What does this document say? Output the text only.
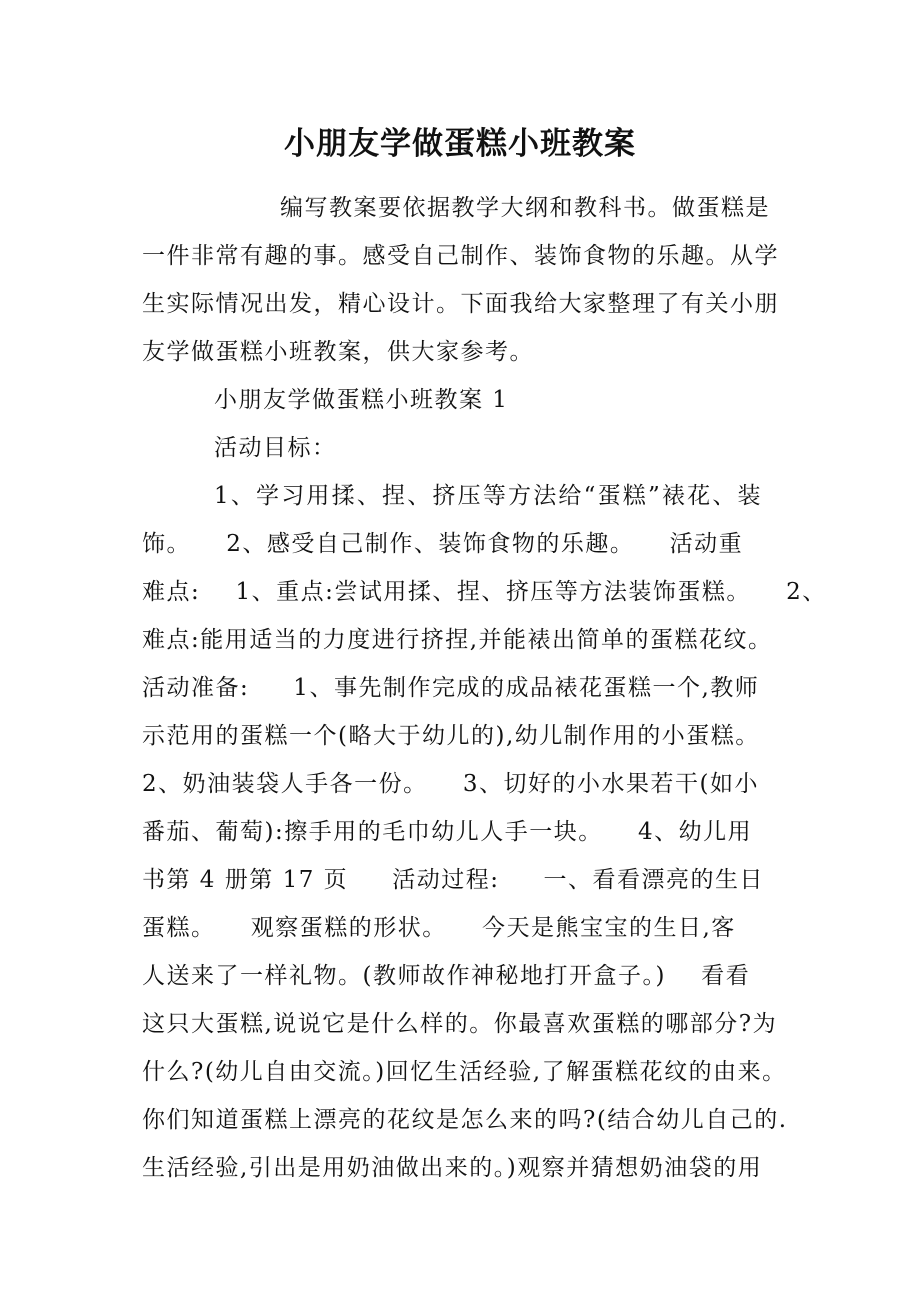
小朋友学做蛋糕小班教案
编写教案要依据教学大纲和教科书。做蛋糕是
一件非常有趣的事。感受自己制作、装饰食物的乐趣。从学
生实际情况出发，精心设计。下面我给大家整理了有关小朋
友学做蛋糕小班教案，供大家参考。
小朋友学做蛋糕小班教案 1
活动目标：
1、学习用揉、捏、挤压等方法给“蛋糕”裱花、装
饰。    2、感受自己制作、装饰食物的乐趣。    活动重
难点:    1、重点:尝试用揉、捏、挤压等方法装饰蛋糕。    2、
难点:能用适当的力度进行挤捏,并能裱出简单的蛋糕花纹。
活动准备:     1、事先制作完成的成品裱花蛋糕一个,教师
示范用的蛋糕一个(略大于幼儿的),幼儿制作用的小蛋糕。
2、奶油装袋人手各一份。    3、切好的小水果若干(如小
番茄、葡萄):擦手用的毛巾幼儿人手一块。    4、幼儿用
书第 4 册第 17 页     活动过程:     一、看看漂亮的生日
蛋糕。    观察蛋糕的形状。    今天是熊宝宝的生日,客
人送来了一样礼物。(教师故作神秘地打开盒子。)    看看
这只大蛋糕,说说它是什么样的。你最喜欢蛋糕的哪部分?为
什么?(幼儿自由交流。)回忆生活经验,了解蛋糕花纹的由来。
你们知道蛋糕上漂亮的花纹是怎么来的吗?(结合幼儿自己的.
生活经验,引出是用奶油做出来的。)观察并猜想奶油袋的用
